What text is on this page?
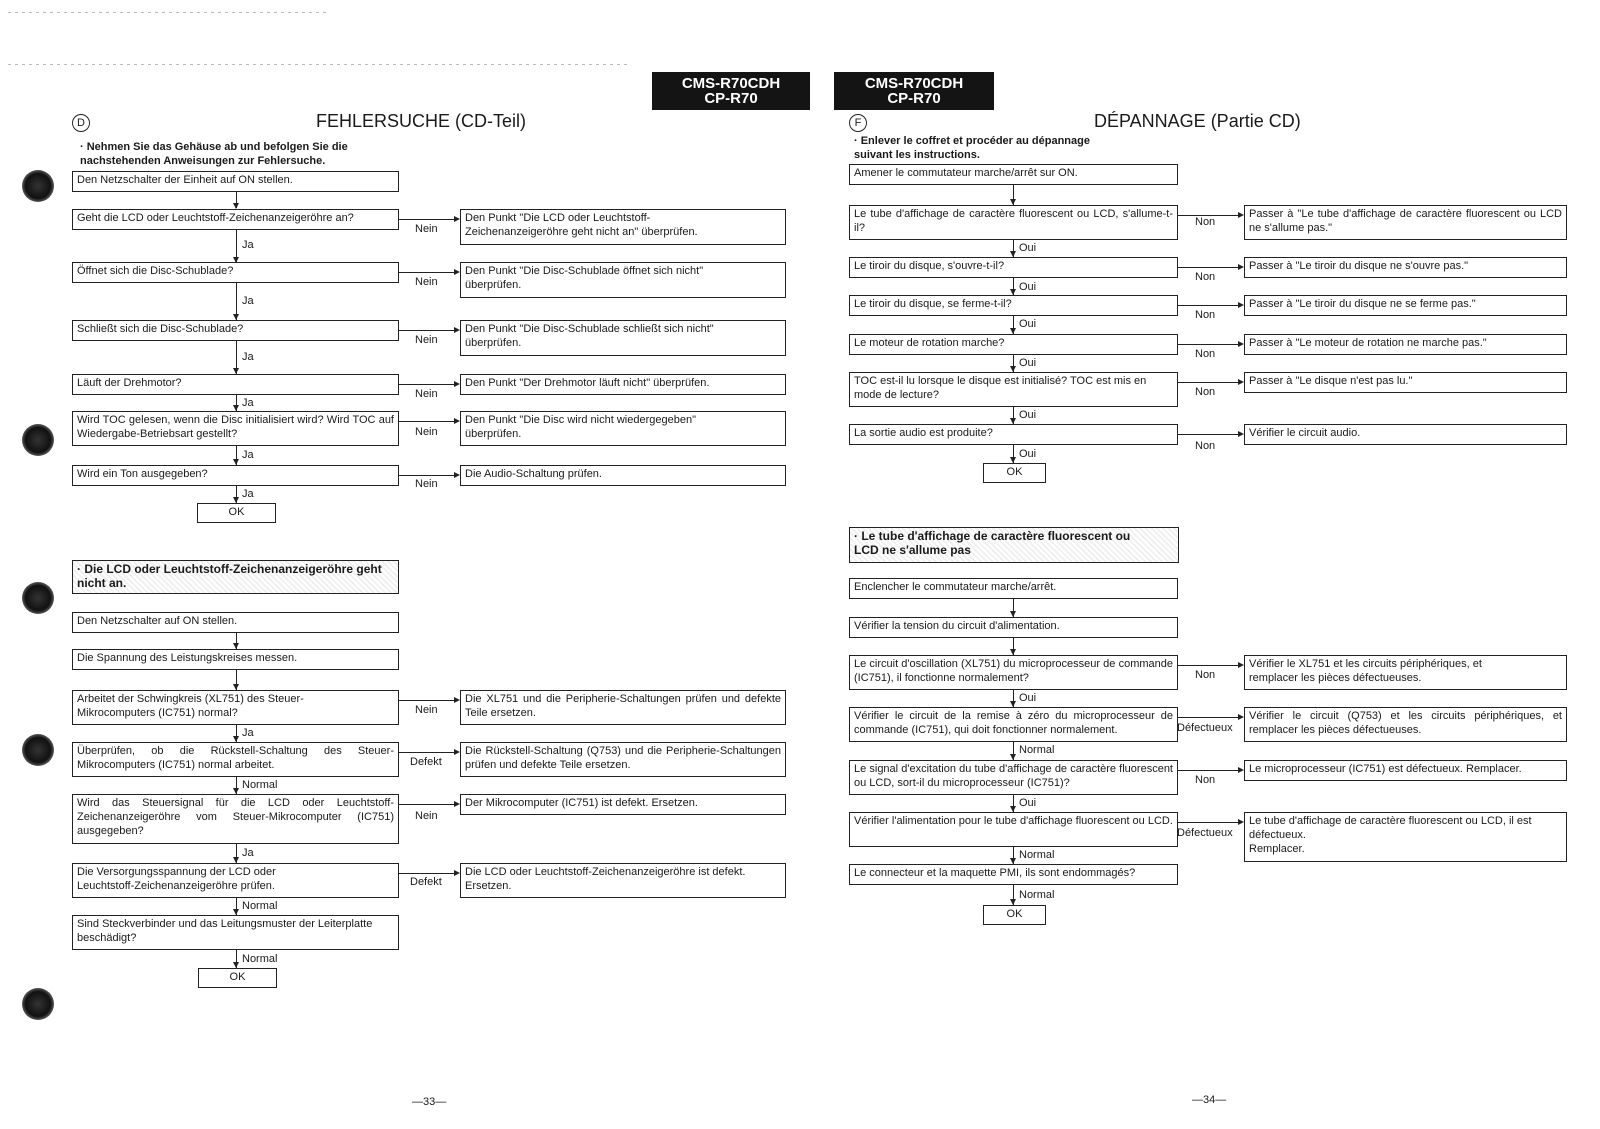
CMS-R70CDH
CP-R70
CMS-R70CDH
CP-R70
D	FEHLERSUCHE (CD-Teil)
· Nehmen Sie das Gehäuse ab und befolgen Sie die
nachstehenden Anweisungen zur Fehlersuche.
Den Netzschalter der Einheit auf ON stellen.
Geht die LCD oder Leuchtstoff-Zeichenanzeigeröhre an?
Nein
Den Punkt "Die LCD oder Leuchtstoff-
Zeichenanzeigeröhre geht nicht an" überprüfen.
Ja
Öffnet sich die Disc-Schublade?
Nein
Den Punkt "Die Disc-Schublade öffnet sich nicht"
überprüfen.
Ja
Schließt sich die Disc-Schublade?
Nein
Den Punkt "Die Disc-Schublade schließt sich nicht"
überprüfen.
Ja
Läuft der Drehmotor?
Nein
Den Punkt "Der Drehmotor läuft nicht" überprüfen.
Ja
Wird TOC gelesen, wenn die Disc initialisiert wird? Wird TOC auf Wiedergabe-Betriebsart gestellt?	Nein
Den Punkt "Die Disc wird nicht wiedergegeben"
überprüfen.
Ja
Wird ein Ton ausgegeben?
Nein
Die Audio-Schaltung prüfen.
Ja
OK
· Die LCD oder Leuchtstoff-Zeichenanzeigeröhre geht
nicht an.
Den Netzschalter auf ON stellen.
Die Spannung des Leistungskreises messen.
Arbeitet der Schwingkreis (XL751) des Steuer-
Mikrocomputers (IC751) normal?	Nein
Die XL751 und die Peripherie-Schaltungen prüfen und defekte Teile ersetzen.
Ja
Überprüfen, ob die Rückstell-Schaltung des Steuer-Mikrocomputers (IC751) normal arbeitet.	Defekt
Die Rückstell-Schaltung (Q753) und die Peripherie-Schaltungen prüfen und defekte Teile ersetzen.
Normal
Wird das Steuersignal für die LCD oder Leuchtstoff-Zeichenanzeigeröhre vom Steuer-Mikrocomputer (IC751) ausgegeben?
Nein
Der Mikrocomputer (IC751) ist defekt. Ersetzen.
Ja
Die Versorgungsspannung der LCD oder
Leuchtstoff-Zeichenanzeigeröhre prüfen.	Defekt
Die LCD oder Leuchtstoff-Zeichenanzeigeröhre ist defekt.
Ersetzen.
Normal
Sind Steckverbinder und das Leitungsmuster der Leiterplatte beschädigt?
Normal
OK
—33—
F	DÉPANNAGE (Partie CD)
· Enlever le coffret et procéder au dépannage
suivant les instructions.
Amener le commutateur marche/arrêt sur ON.
Le tube d'affichage de caractère fluorescent ou LCD, s'allume-t-il?	Non
Passer à "Le tube d'affichage de caractère fluorescent ou LCD ne s'allume pas."
Oui
Le tiroir du disque, s'ouvre-t-il?
Non
Passer à "Le tiroir du disque ne s'ouvre pas."
Oui
Le tiroir du disque, se ferme-t-il?
Non
Passer à "Le tiroir du disque ne se ferme pas."
Oui
Le moteur de rotation marche?
Non
Passer à "Le moteur de rotation ne marche pas."
Oui
TOC est-il lu lorsque le disque est initialisé? TOC est mis en mode de lecture?	Non
Passer à "Le disque n'est pas lu."
Oui
La sortie audio est produite?
Non
Vérifier le circuit audio.
Oui
OK
· Le tube d'affichage de caractère fluorescent ou
LCD ne s'allume pas
Enclencher le commutateur marche/arrêt.
Vérifier la tension du circuit d'alimentation.
Le circuit d'oscillation (XL751) du microprocesseur de commande (IC751), il fonctionne normalement?	Non
Vérifier le XL751 et les circuits périphériques, et
remplacer les pièces défectueuses.
Oui
Vérifier le circuit de la remise à zéro du microprocesseur de commande (IC751), qui doit fonctionner normalement.	Défectueux
Vérifier le circuit (Q753) et les circuits périphériques, et remplacer les pièces défectueuses.
Normal
Le signal d'excitation du tube d'affichage de caractère fluorescent ou LCD, sort-il du microprocesseur (IC751)?	Non
Le microprocesseur (IC751) est défectueux. Remplacer.
Oui
Vérifier l'alimentation pour le tube d'affichage fluorescent ou LCD.
Défectueux
Le tube d'affichage de caractère fluorescent ou LCD, il est
défectueux.
Remplacer.
Normal
Le connecteur et la maquette PMI, ils sont endommagés?
Normal
OK
—34—
